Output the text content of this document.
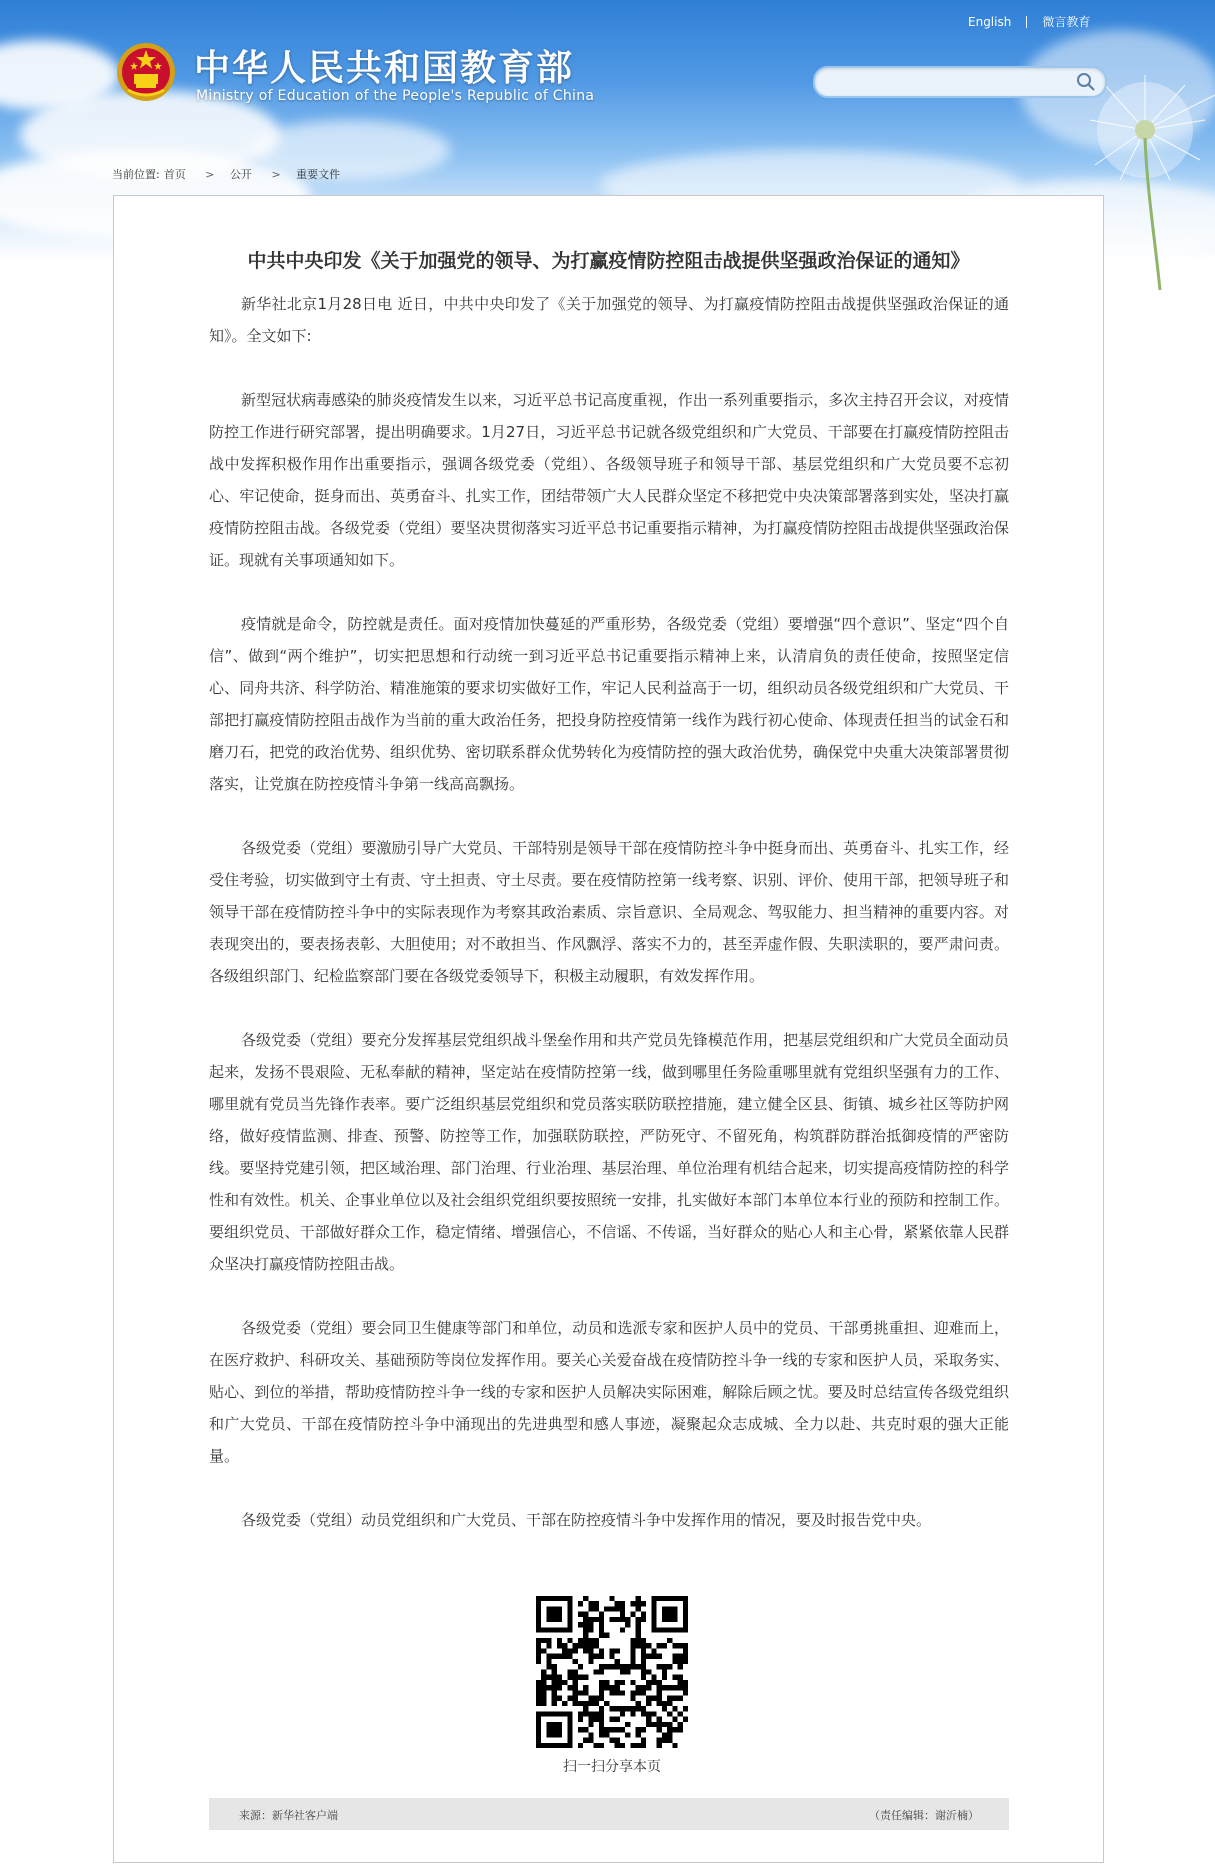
中华人民共和国教育部
Ministry of Education of the People's Republic of China
English	微言教育
当前位置: 首页 > 公开 > 重要文件
中共中央印发《关于加强党的领导、为打赢疫情防控阻击战提供坚强政治保证的通知》

新华社北京1月28日电 近日，中共中央印发了《关于加强党的领导、为打赢疫情防控阻击战提供坚强政治保证的通知》。全文如下:

新型冠状病毒感染的肺炎疫情发生以来，习近平总书记高度重视，作出一系列重要指示，多次主持召开会议，对疫情防控工作进行研究部署，提出明确要求。1月27日，习近平总书记就各级党组织和广大党员、干部要在打赢疫情防控阻击战中发挥积极作用作出重要指示，强调各级党委（党组）、各级领导班子和领导干部、基层党组织和广大党员要不忘初心、牢记使命，挺身而出、英勇奋斗、扎实工作，团结带领广大人民群众坚定不移把党中央决策部署落到实处，坚决打赢疫情防控阻击战。各级党委（党组）要坚决贯彻落实习近平总书记重要指示精神，为打赢疫情防控阻击战提供坚强政治保证。现就有关事项通知如下。

疫情就是命令，防控就是责任。面对疫情加快蔓延的严重形势，各级党委（党组）要增强“四个意识”、坚定“四个自信”、做到“两个维护”，切实把思想和行动统一到习近平总书记重要指示精神上来，认清肩负的责任使命，按照坚定信心、同舟共济、科学防治、精准施策的要求切实做好工作，牢记人民利益高于一切，组织动员各级党组织和广大党员、干部把打赢疫情防控阻击战作为当前的重大政治任务，把投身防控疫情第一线作为践行初心使命、体现责任担当的试金石和磨刀石，把党的政治优势、组织优势、密切联系群众优势转化为疫情防控的强大政治优势，确保党中央重大决策部署贯彻落实，让党旗在防控疫情斗争第一线高高飘扬。

各级党委（党组）要激励引导广大党员、干部特别是领导干部在疫情防控斗争中挺身而出、英勇奋斗、扎实工作，经受住考验，切实做到守土有责、守土担责、守土尽责。要在疫情防控第一线考察、识别、评价、使用干部，把领导班子和领导干部在疫情防控斗争中的实际表现作为考察其政治素质、宗旨意识、全局观念、驾驭能力、担当精神的重要内容。对表现突出的，要表扬表彰、大胆使用；对不敢担当、作风飘浮、落实不力的，甚至弄虚作假、失职渎职的，要严肃问责。各级组织部门、纪检监察部门要在各级党委领导下，积极主动履职，有效发挥作用。

各级党委（党组）要充分发挥基层党组织战斗堡垒作用和共产党员先锋模范作用，把基层党组织和广大党员全面动员起来，发扬不畏艰险、无私奉献的精神，坚定站在疫情防控第一线，做到哪里任务险重哪里就有党组织坚强有力的工作、哪里就有党员当先锋作表率。要广泛组织基层党组织和党员落实联防联控措施，建立健全区县、街镇、城乡社区等防护网络，做好疫情监测、排查、预警、防控等工作，加强联防联控，严防死守、不留死角，构筑群防群治抵御疫情的严密防线。要坚持党建引领，把区域治理、部门治理、行业治理、基层治理、单位治理有机结合起来，切实提高疫情防控的科学性和有效性。机关、企事业单位以及社会组织党组织要按照统一安排，扎实做好本部门本单位本行业的预防和控制工作。要组织党员、干部做好群众工作，稳定情绪、增强信心，不信谣、不传谣，当好群众的贴心人和主心骨，紧紧依靠人民群众坚决打赢疫情防控阻击战。

各级党委（党组）要会同卫生健康等部门和单位，动员和选派专家和医护人员中的党员、干部勇挑重担、迎难而上，在医疗救护、科研攻关、基础预防等岗位发挥作用。要关心关爱奋战在疫情防控斗争一线的专家和医护人员，采取务实、贴心、到位的举措，帮助疫情防控斗争一线的专家和医护人员解决实际困难，解除后顾之忧。要及时总结宣传各级党组织和广大党员、干部在疫情防控斗争中涌现出的先进典型和感人事迹，凝聚起众志成城、全力以赴、共克时艰的强大正能量。

各级党委（党组）动员党组织和广大党员、干部在防控疫情斗争中发挥作用的情况，要及时报告党中央。

扫一扫分享本页
来源：新华社客户端	（责任编辑：谢沂楠）
